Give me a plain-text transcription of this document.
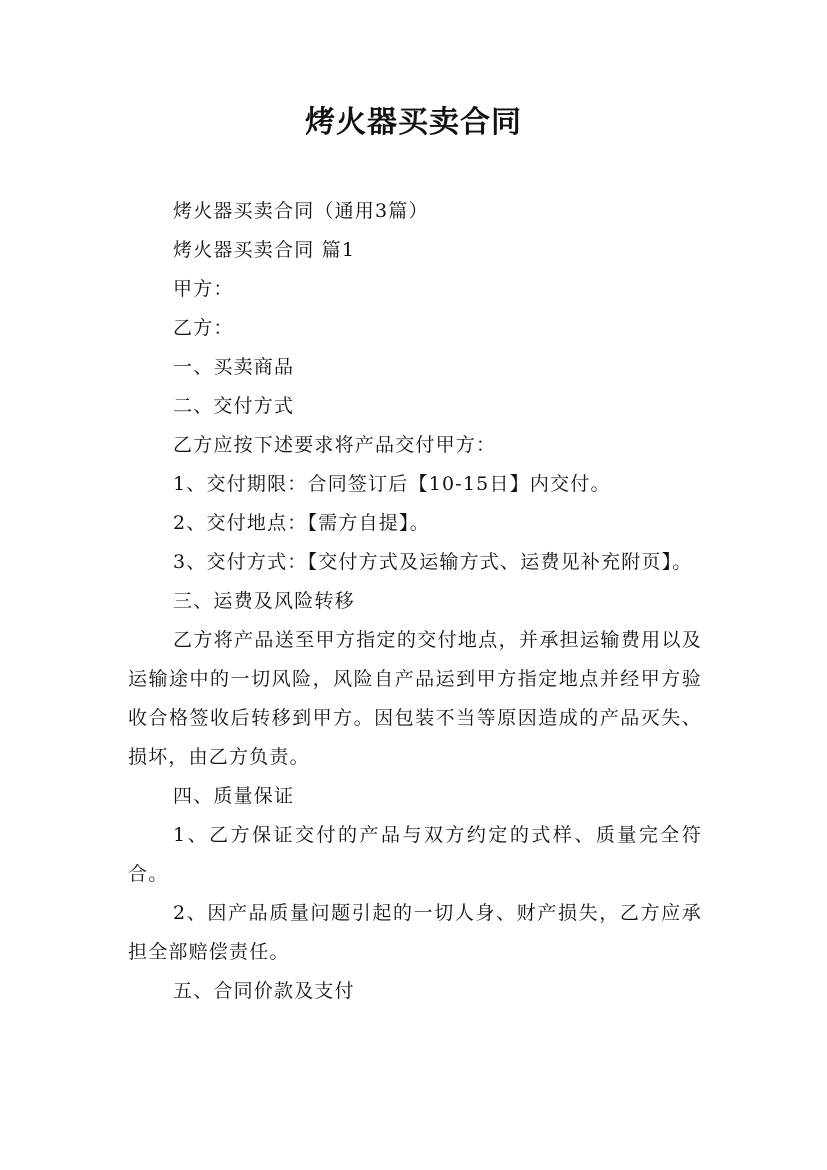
烤火器买卖合同

烤火器买卖合同（通用3篇）

烤火器买卖合同 篇1

甲方：

乙方：

一、买卖商品

二、交付方式

乙方应按下述要求将产品交付甲方：

1、交付期限：合同签订后【10-15日】内交付。

2、交付地点：【需方自提】。

3、交付方式：【交付方式及运输方式、运费见补充附页】。

三、运费及风险转移

乙方将产品送至甲方指定的交付地点，并承担运输费用以及运输途中的一切风险，风险自产品运到甲方指定地点并经甲方验收合格签收后转移到甲方。因包装不当等原因造成的产品灭失、损坏，由乙方负责。

四、质量保证

1、乙方保证交付的产品与双方约定的式样、质量完全符合。

2、因产品质量问题引起的一切人身、财产损失，乙方应承担全部赔偿责任。

五、合同价款及支付
